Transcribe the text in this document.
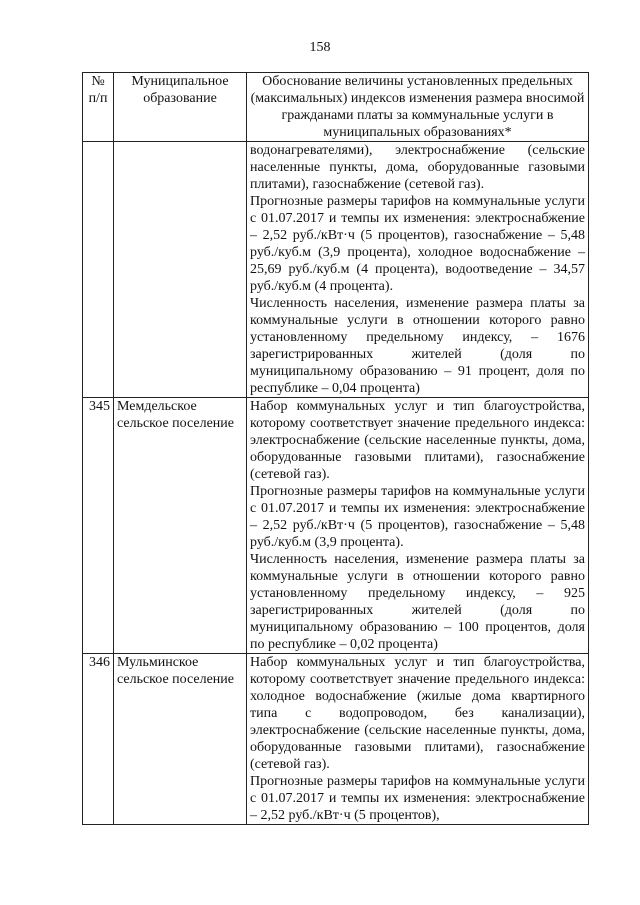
158
№ п/п	Муниципальное образование	Обоснование величины установленных предельных (максимальных) индексов изменения размера вносимой гражданами платы за коммунальные услуги в муниципальных образованиях*

		водонагревателями), электроснабжение (сельские населенные пункты, дома, оборудованные газовыми плитами), газоснабжение (сетевой газ).
Прогнозные размеры тарифов на коммунальные услуги с 01.07.2017 и темпы их изменения: электроснабжение – 2,52 руб./кВт·ч (5 процентов), газоснабжение – 5,48 руб./куб.м (3,9 процента), холодное водоснабжение – 25,69 руб./куб.м (4 процента), водоотведение – 34,57 руб./куб.м (4 процента).
Численность населения, изменение размера платы за коммунальные услуги в отношении которого равно установленному предельному индексу, – 1676 зарегистрированных жителей (доля по муниципальному образованию – 91 процент, доля по республике – 0,04 процента)

345	Мемдельское сельское поселение	Набор коммунальных услуг и тип благоустройства, которому соответствует значение предельного индекса: электроснабжение (сельские населенные пункты, дома, оборудованные газовыми плитами), газоснабжение (сетевой газ).
Прогнозные размеры тарифов на коммунальные услуги с 01.07.2017 и темпы их изменения: электроснабжение – 2,52 руб./кВт·ч (5 процентов), газоснабжение – 5,48 руб./куб.м (3,9 процента).
Численность населения, изменение размера платы за коммунальные услуги в отношении которого равно установленному предельному индексу, – 925 зарегистрированных жителей (доля по муниципальному образованию – 100 процентов, доля по республике – 0,02 процента)

346	Мульминское сельское поселение	Набор коммунальных услуг и тип благоустройства, которому соответствует значение предельного индекса: холодное водоснабжение (жилые дома квартирного типа с водопроводом, без канализации), электроснабжение (сельские населенные пункты, дома, оборудованные газовыми плитами), газоснабжение (сетевой газ).
Прогнозные размеры тарифов на коммунальные услуги с 01.07.2017 и темпы их изменения: электроснабжение – 2,52 руб./кВт·ч (5 процентов),
